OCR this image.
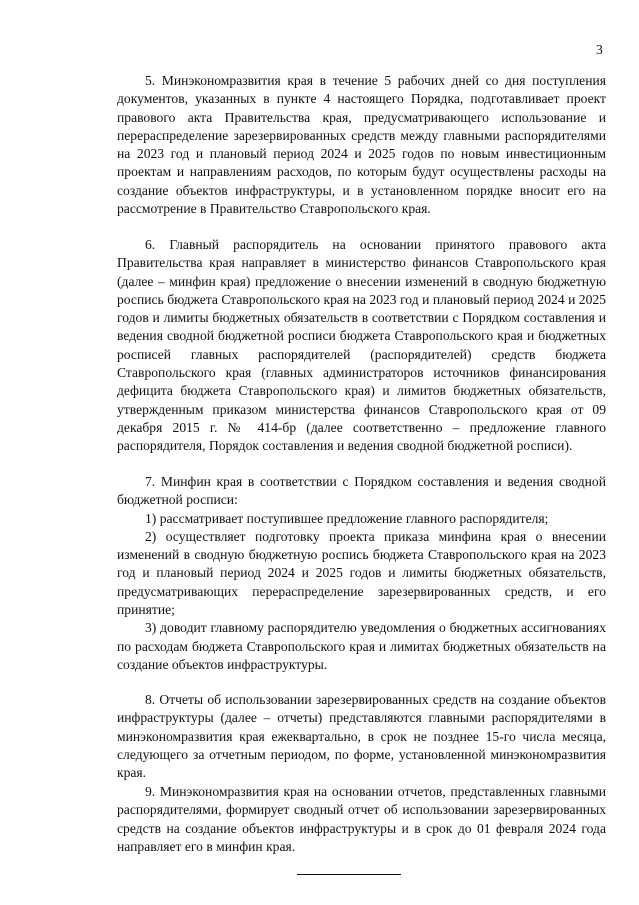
3

5. Минэкономразвития края в течение 5 рабочих дней со дня поступления документов, указанных в пункте 4 настоящего Порядка, подготавливает проект правового акта Правительства края, предусматривающего использование и перераспределение зарезервированных средств между главными распорядителями на 2023 год и плановый период 2024 и 2025 годов по новым инвестиционным проектам и направлениям расходов, по которым будут осуществлены расходы на создание объектов инфраструктуры, и в установленном порядке вносит его на рассмотрение в Правительство Ставропольского края.

6. Главный распорядитель на основании принятого правового акта Правительства края направляет в министерство финансов Ставропольского края (далее – минфин края) предложение о внесении изменений в сводную бюджетную роспись бюджета Ставропольского края на 2023 год и плановый период 2024 и 2025 годов и лимиты бюджетных обязательств в соответствии с Порядком составления и ведения сводной бюджетной росписи бюджета Ставропольского края и бюджетных росписей главных распорядителей (распорядителей) средств бюджета Ставропольского края (главных администраторов источников финансирования дефицита бюджета Ставропольского края) и лимитов бюджетных обязательств, утвержденным приказом министерства финансов Ставропольского края от 09 декабря 2015 г. № 414-бр (далее соответственно – предложение главного распорядителя, Порядок составления и ведения сводной бюджетной росписи).

7. Минфин края в соответствии с Порядком составления и ведения сводной бюджетной росписи:

1) рассматривает поступившее предложение главного распорядителя;

2) осуществляет подготовку проекта приказа минфина края о внесении изменений в сводную бюджетную роспись бюджета Ставропольского края на 2023 год и плановый период 2024 и 2025 годов и лимиты бюджетных обязательств, предусматривающих перераспределение зарезервированных средств, и его принятие;

3) доводит главному распорядителю уведомления о бюджетных ассигнованиях по расходам бюджета Ставропольского края и лимитах бюджетных обязательств на создание объектов инфраструктуры.

8. Отчеты об использовании зарезервированных средств на создание объектов инфраструктуры (далее – отчеты) представляются главными распорядителями в минэкономразвития края ежеквартально, в срок не позднее 15-го числа месяца, следующего за отчетным периодом, по форме, установленной минэкономразвития края.

9. Минэкономразвития края на основании отчетов, представленных главными распорядителями, формирует сводный отчет об использовании зарезервированных средств на создание объектов инфраструктуры и в срок до 01 февраля 2024 года направляет его в минфин края.
